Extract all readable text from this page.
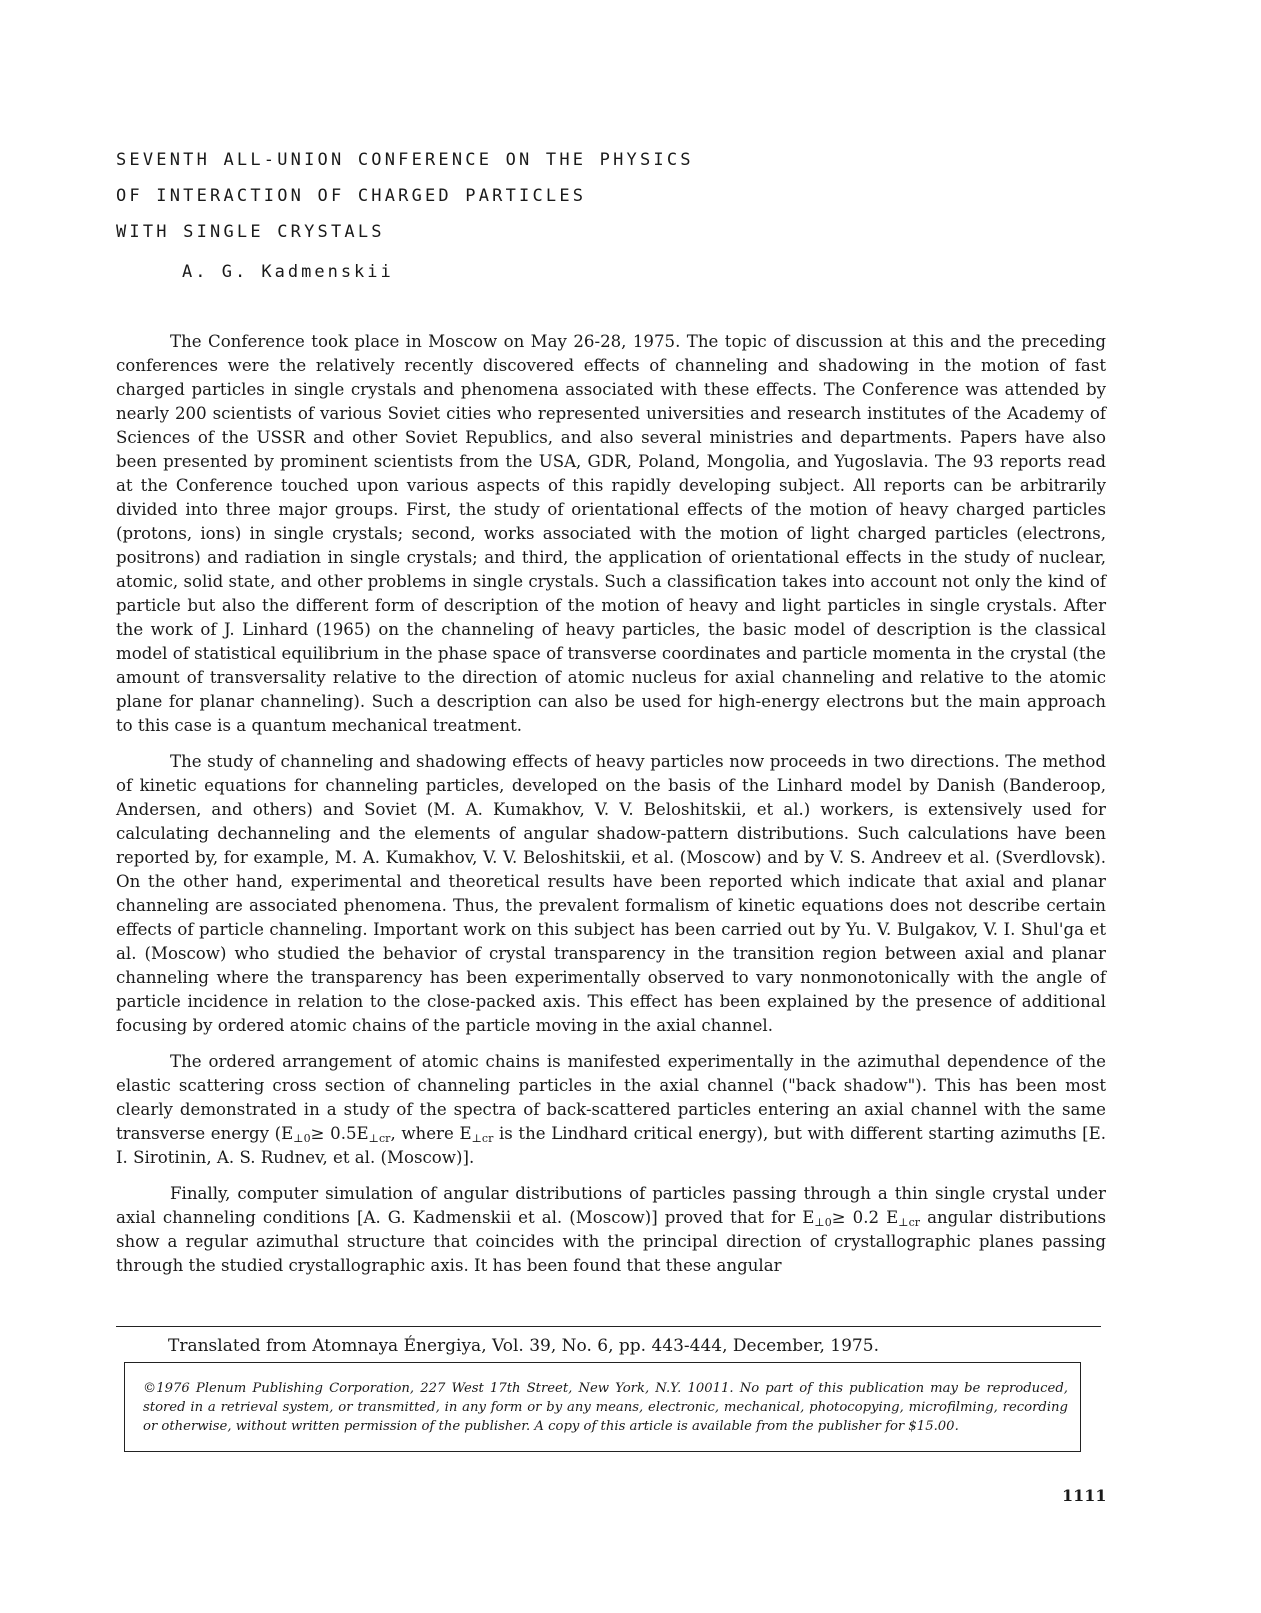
SEVENTH ALL-UNION CONFERENCE ON THE PHYSICS
OF INTERACTION OF CHARGED PARTICLES
WITH SINGLE CRYSTALS
A. G. Kadmenskii

The Conference took place in Moscow on May 26-28, 1975. The topic of discussion at this and the preceding conferences were the relatively recently discovered effects of channeling and shadowing in the motion of fast charged particles in single crystals and phenomena associated with these effects. The Conference was attended by nearly 200 scientists of various Soviet cities who represented universities and research institutes of the Academy of Sciences of the USSR and other Soviet Republics, and also several ministries and departments. Papers have also been presented by prominent scientists from the USA, GDR, Poland, Mongolia, and Yugoslavia. The 93 reports read at the Conference touched upon various aspects of this rapidly developing subject. All reports can be arbitrarily divided into three major groups. First, the study of orientational effects of the motion of heavy charged particles (protons, ions) in single crystals; second, works associated with the motion of light charged particles (electrons, positrons) and radiation in single crystals; and third, the application of orientational effects in the study of nuclear, atomic, solid state, and other problems in single crystals. Such a classification takes into account not only the kind of particle but also the different form of description of the motion of heavy and light particles in single crystals. After the work of J. Linhard (1965) on the channeling of heavy particles, the basic model of description is the classical model of statistical equilibrium in the phase space of transverse coordinates and particle momenta in the crystal (the amount of transversality relative to the direction of atomic nucleus for axial channeling and relative to the atomic plane for planar channeling). Such a description can also be used for high-energy electrons but the main approach to this case is a quantum mechanical treatment.

The study of channeling and shadowing effects of heavy particles now proceeds in two directions. The method of kinetic equations for channeling particles, developed on the basis of the Linhard model by Danish (Banderoop, Andersen, and others) and Soviet (M. A. Kumakhov, V. V. Beloshitskii, et al.) workers, is extensively used for calculating dechanneling and the elements of angular shadow-pattern distributions. Such calculations have been reported by, for example, M. A. Kumakhov, V. V. Beloshitskii, et al. (Moscow) and by V. S. Andreev et al. (Sverdlovsk). On the other hand, experimental and theoretical results have been reported which indicate that axial and planar channeling are associated phenomena. Thus, the prevalent formalism of kinetic equations does not describe certain effects of particle channeling. Important work on this subject has been carried out by Yu. V. Bulgakov, V. I. Shul'ga et al. (Moscow) who studied the behavior of crystal transparency in the transition region between axial and planar channeling where the transparency has been experimentally observed to vary nonmonotonically with the angle of particle incidence in relation to the close-packed axis. This effect has been explained by the presence of additional focusing by ordered atomic chains of the particle moving in the axial channel.

The ordered arrangement of atomic chains is manifested experimentally in the azimuthal dependence of the elastic scattering cross section of channeling particles in the axial channel ("back shadow"). This has been most clearly demonstrated in a study of the spectra of back-scattered particles entering an axial channel with the same transverse energy ($E_{\perp 0}\ge 0.5E_{\perp cr}$, where $E_{\perp cr}$ is the Lindhard critical energy), but with different starting azimuths [E. I. Sirotinin, A. S. Rudnev, et al. (Moscow)].

Finally, computer simulation of angular distributions of particles passing through a thin single crystal under axial channeling conditions [A. G. Kadmenskii et al. (Moscow)] proved that for $E_{\perp 0}\ge 0.2$ $E_{\perp cr}$ angular distributions show a regular azimuthal structure that coincides with the principal direction of crystallographic planes passing through the studied crystallographic axis. It has been found that these angular

Translated from Atomnaya Énergiya, Vol. 39, No. 6, pp. 443-444, December, 1975.
©1976 Plenum Publishing Corporation, 227 West 17th Street, New York, N.Y. 10011. No part of this publication may be reproduced, stored in a retrieval system, or transmitted, in any form or by any means, electronic, mechanical, photocopying, microfilming, recording or otherwise, without written permission of the publisher. A copy of this article is available from the publisher for $15.00.
1111
